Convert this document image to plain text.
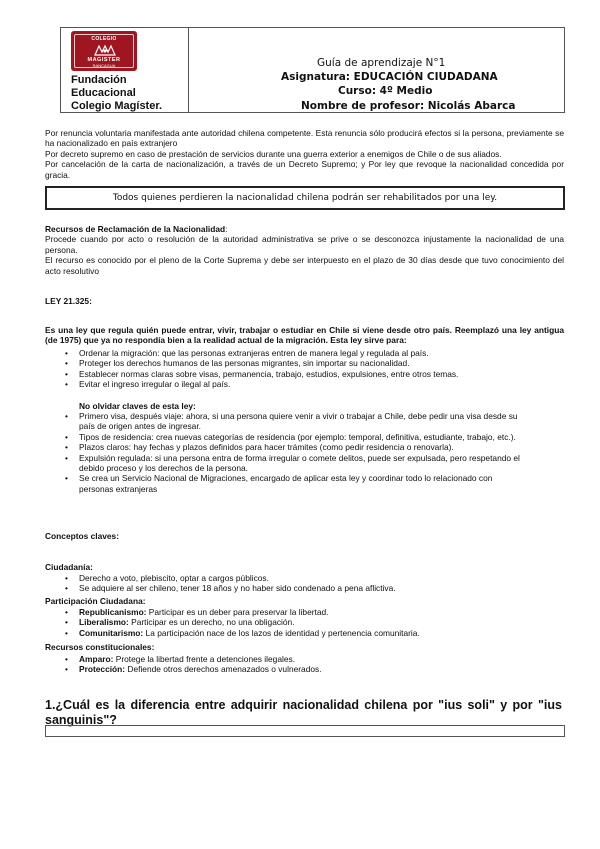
COLEGIO
MAGISTER
RANCAGUA
Fundación
Educacional
Colegio Magíster.
Guía de aprendizaje N°1
Asignatura: EDUCACIÓN CIUDADANA
Curso: 4º Medio
Nombre de profesor: Nicolás Abarca
Por renuncia voluntaria manifestada ante autoridad chilena competente. Esta renuncia sólo producirá efectos si la persona, previamente se ha nacionalizado en país extranjero
Por decreto supremo en caso de prestación de servicios durante una guerra exterior a enemigos de Chile o de sus aliados.
Por cancelación de la carta de nacionalización, a través de un Decreto Supremo; y Por ley que revoque la nacionalidad concedida por gracia.
Todos quienes perdieren la nacionalidad chilena podrán ser rehabilitados por una ley.
Recursos de Reclamación de la Nacionalidad:
Procede cuando por acto o resolución de la autoridad administrativa se prive o se desconozca injustamente la nacionalidad de una persona.
El recurso es conocido por el pleno de la Corte Suprema y debe ser interpuesto en el plazo de 30 días desde que tuvo conocimiento del acto resolutivo
LEY 21.325:
Es una ley que regula quién puede entrar, vivir, trabajar o estudiar en Chile si viene desde otro país. Reemplazó una ley antigua (de 1975) que ya no respondía bien a la realidad actual de la migración. Esta ley sirve para:
• Ordenar la migración: que las personas extranjeras entren de manera legal y regulada al país.
• Proteger los derechos humanos de las personas migrantes, sin importar su nacionalidad.
• Establecer normas claras sobre visas, permanencia, trabajo, estudios, expulsiones, entre otros temas.
• Evitar el ingreso irregular o ilegal al país.
No olvidar claves de esta ley:
• Primero visa, después viaje: ahora, si una persona quiere venir a vivir o trabajar a Chile, debe pedir una visa desde su país de origen antes de ingresar.
• Tipos de residencia: crea nuevas categorías de residencia (por ejemplo: temporal, definitiva, estudiante, trabajo, etc.).
• Plazos claros: hay fechas y plazos definidos para hacer trámites (como pedir residencia o renovarla).
• Expulsión regulada: si una persona entra de forma irregular o comete delitos, puede ser expulsada, pero respetando el debido proceso y los derechos de la persona.
• Se crea un Servicio Nacional de Migraciones, encargado de aplicar esta ley y coordinar todo lo relacionado con personas extranjeras
Conceptos claves:
Ciudadanía:
• Derecho a voto, plebiscito, optar a cargos públicos.
• Se adquiere al ser chileno, tener 18 años y no haber sido condenado a pena aflictiva.
Participación Ciudadana:
• Republicanismo: Participar es un deber para preservar la libertad.
• Liberalismo: Participar es un derecho, no una obligación.
• Comunitarismo: La participación nace de los lazos de identidad y pertenencia comunitaria.
Recursos constitucionales:
• Amparo: Protege la libertad frente a detenciones ilegales.
• Protección: Defiende otros derechos amenazados o vulnerados.
1.¿Cuál es la diferencia entre adquirir nacionalidad chilena por "ius soli" y por "ius sanguinis"?
